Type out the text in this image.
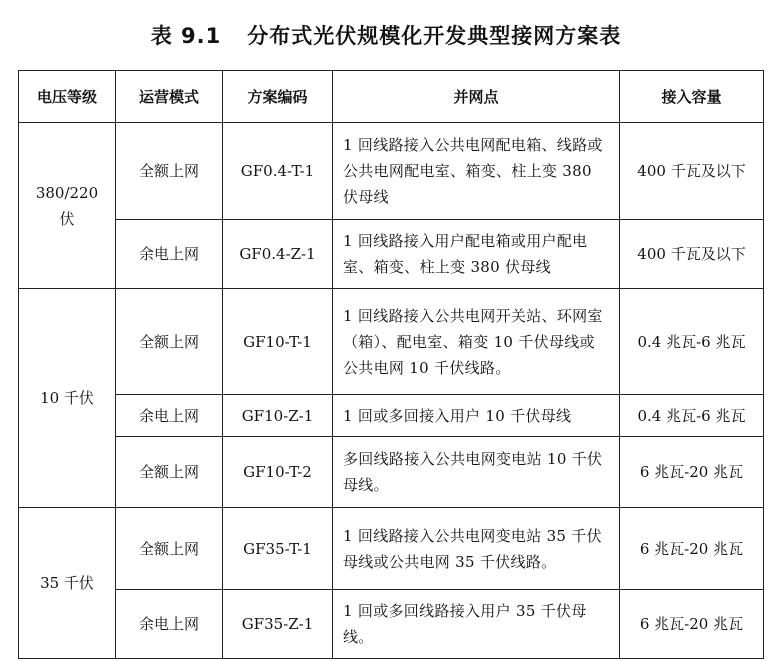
表 9.1 分布式光伏规模化开发典型接网方案表
电压等级	运营模式	方案编码	并网点	接入容量
380/220 伏	全额上网	GF0.4-T-1	1 回线路接入公共电网配电箱、线路或公共电网配电室、箱变、柱上变 380 伏母线	400 千瓦及以下
	余电上网	GF0.4-Z-1	1 回线路接入用户配电箱或用户配电室、箱变、柱上变 380 伏母线	400 千瓦及以下
10 千伏	全额上网	GF10-T-1	1 回线路接入公共电网开关站、环网室（箱）、配电室、箱变 10 千伏母线或公共电网 10 千伏线路。	0.4 兆瓦-6 兆瓦
	余电上网	GF10-Z-1	1 回或多回接入用户 10 千伏母线	0.4 兆瓦-6 兆瓦
	全额上网	GF10-T-2	多回线路接入公共电网变电站 10 千伏母线。	6 兆瓦-20 兆瓦
35 千伏	全额上网	GF35-T-1	1 回线路接入公共电网变电站 35 千伏母线或公共电网 35 千伏线路。	6 兆瓦-20 兆瓦
	余电上网	GF35-Z-1	1 回或多回线路接入用户 35 千伏母线。	6 兆瓦-20 兆瓦
